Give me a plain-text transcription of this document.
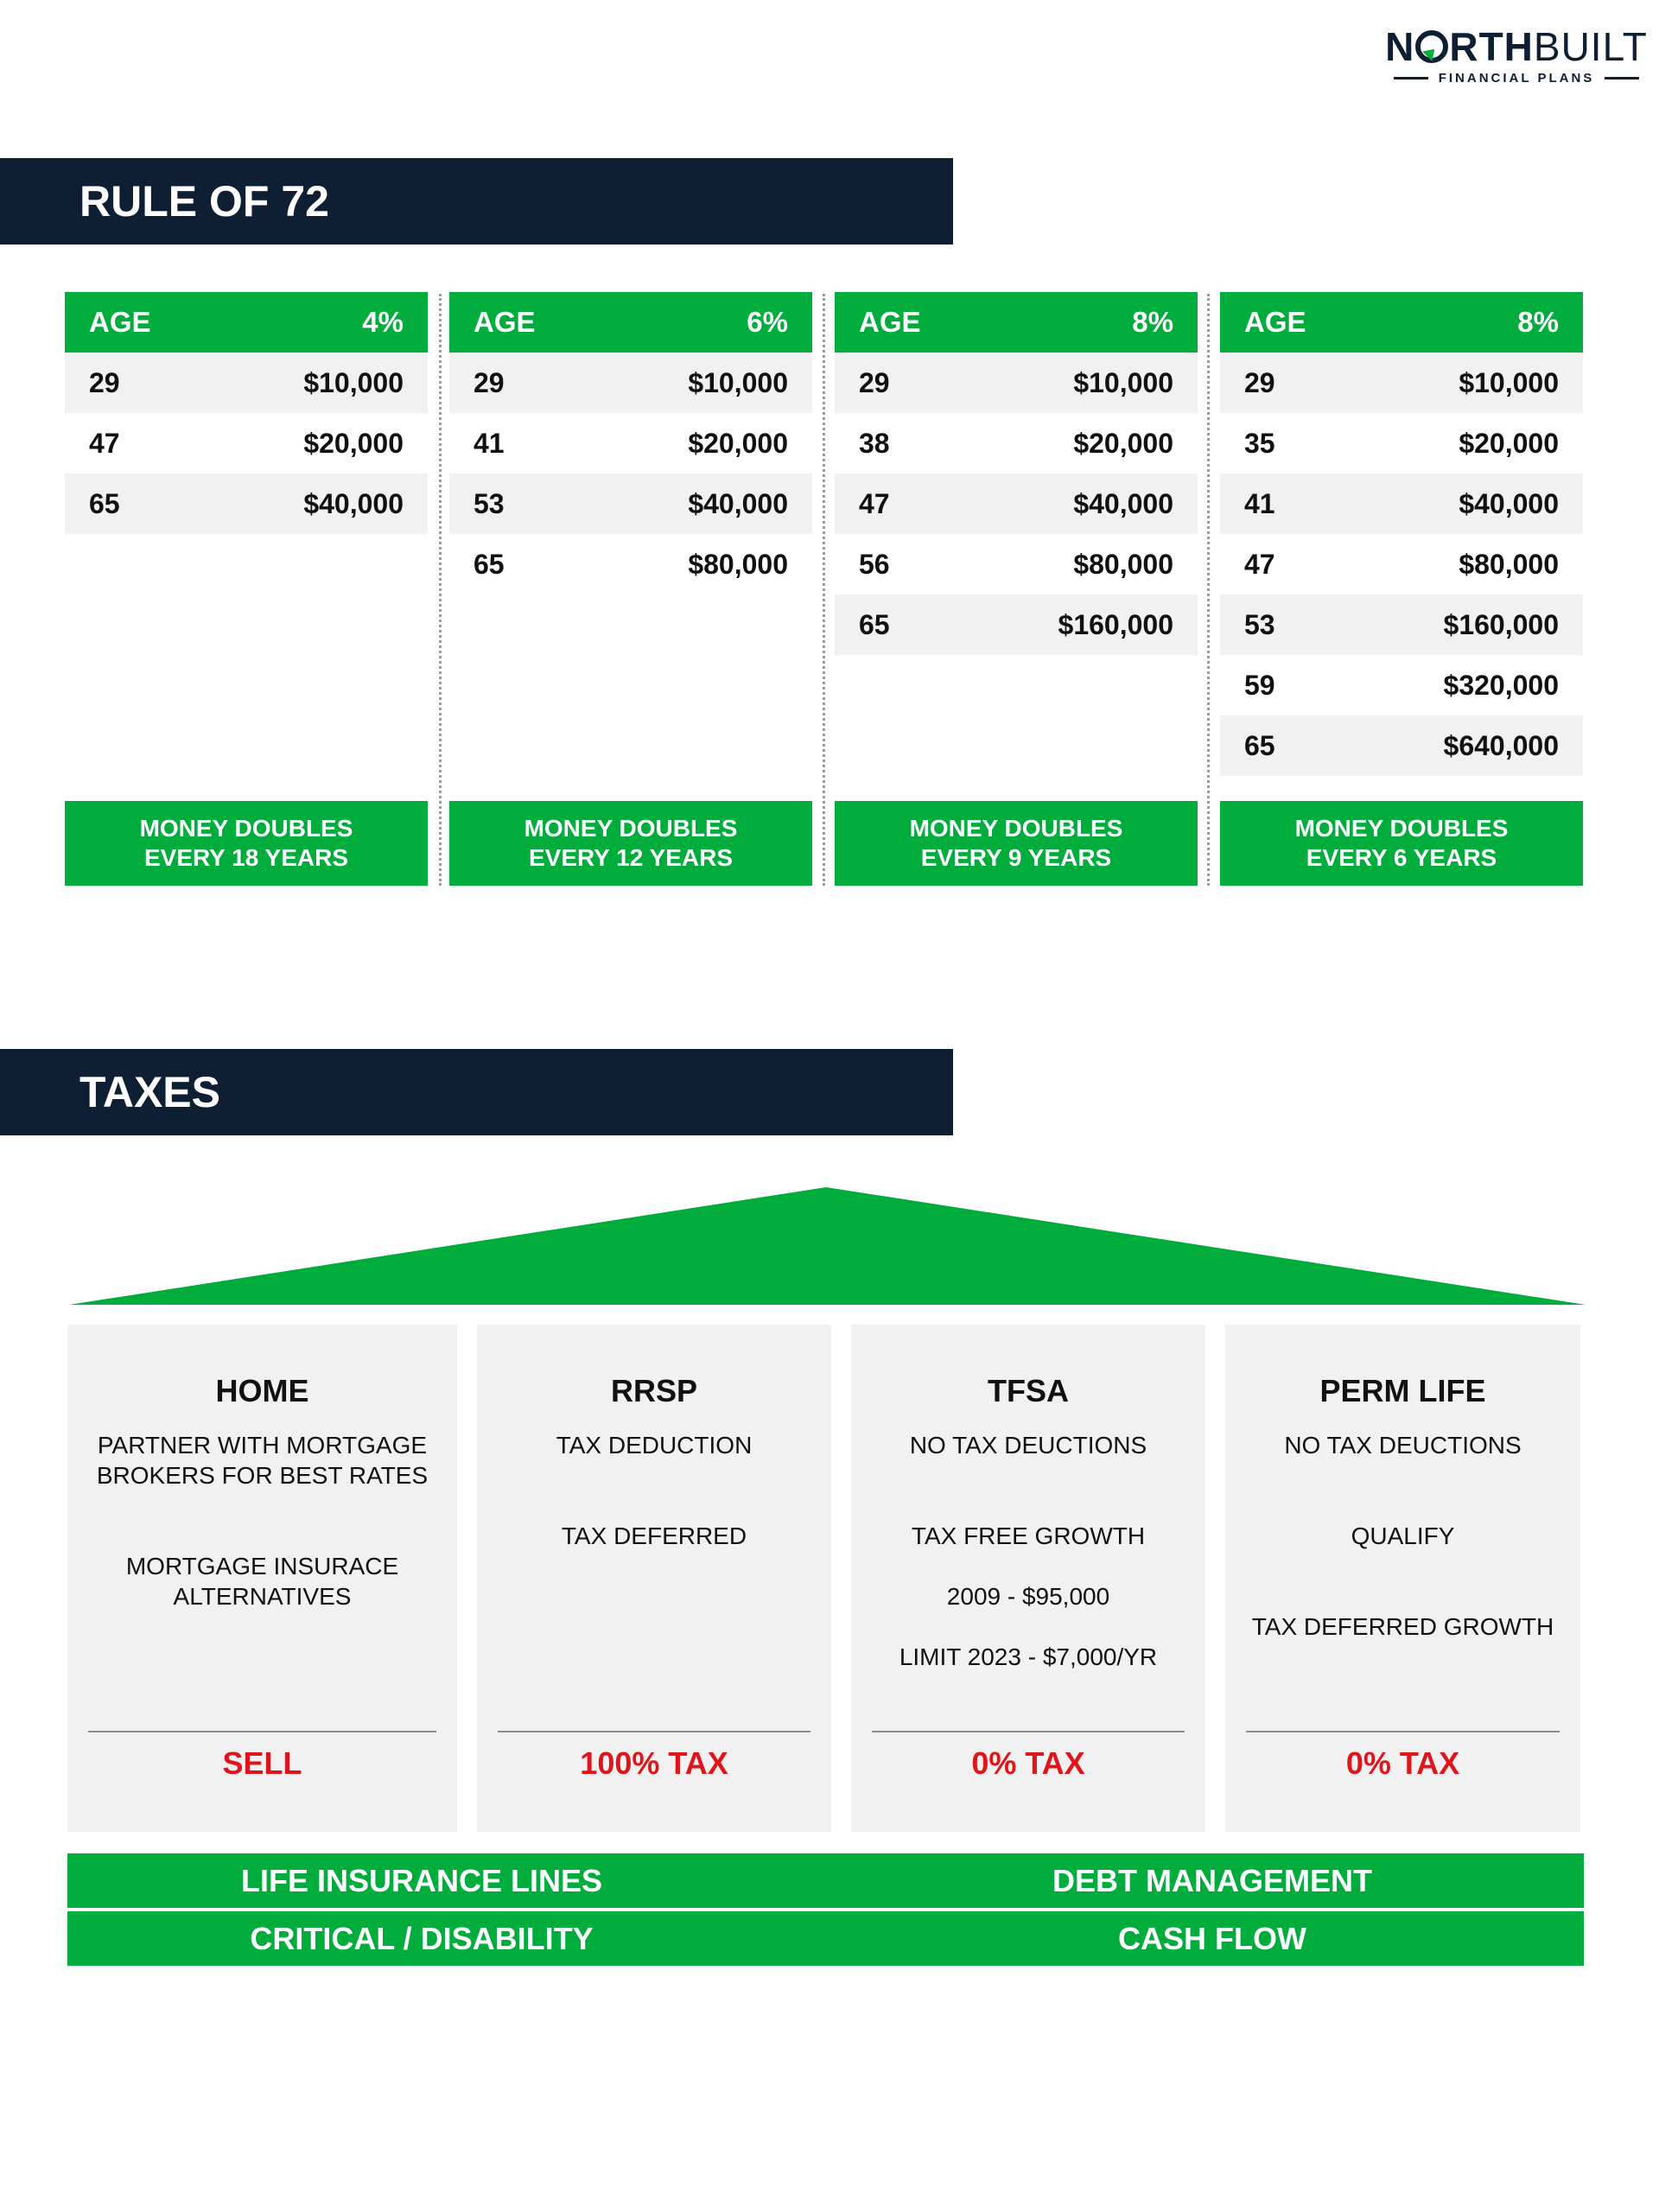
N RTHBUILT
FINANCIAL PLANS
RULE OF 72
AGE	4%
29	$10,000
47	$20,000
65	$40,000
MONEY DOUBLES
EVERY 18 YEARS
AGE	6%
29	$10,000
41	$20,000
53	$40,000
65	$80,000
MONEY DOUBLES
EVERY 12 YEARS
AGE	8%
29	$10,000
38	$20,000
47	$40,000
56	$80,000
65	$160,000
MONEY DOUBLES
EVERY 9 YEARS
AGE	8%
29	$10,000
35	$20,000
41	$40,000
47	$80,000
53	$160,000
59	$320,000
65	$640,000
MONEY DOUBLES
EVERY 6 YEARS
TAXES
HOME
PARTNER WITH MORTGAGE
BROKERS FOR BEST RATES
MORTGAGE INSURACE
ALTERNATIVES
SELL
RRSP
TAX DEDUCTION
TAX DEFERRED
100% TAX
TFSA
NO TAX DEUCTIONS
TAX FREE GROWTH
2009 - $95,000
LIMIT 2023 - $7,000/YR
0% TAX
PERM LIFE
NO TAX DEUCTIONS
QUALIFY
TAX DEFERRED GROWTH
0% TAX
LIFE INSURANCE LINES	DEBT MANAGEMENT
CRITICAL / DISABILITY	CASH FLOW
